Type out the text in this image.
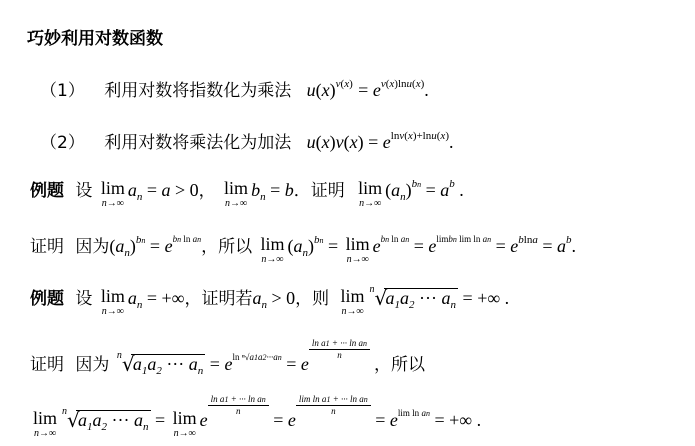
巧妙利用对数函数
（1） 利用对数将指数化为乘法 $u(x)^{v(x)} = e^{v(x)lnu(x)}$.
（2） 利用对数将乘法化为加法 $u(x)v(x) = e^{lnv(x)+lnu(x)}$.
例题 设 lim
n→∞
$a_n = a > 0$， lim
n→∞
$b_n = b$．证明 lim
n→∞
$(a_n)^{bn} = a^b$ .
证明 因为$(a_n)^{bn} = e^{bn ln an}$，所以 lim
n→∞
$(a_n)^{bn} = \lim$
n→∞
$e^{bn ln an} = e^{limbn lim ln an} = e^{blna} = a^b$.
例题 设 lim
n→∞
$a_n$ = +∞，证明若$a_n > 0$，则 lim
n→∞
n √
$a_1a_2$ ··· $a_n$ = +∞ .
证明 因为 n √
$a_1a_2$ ··· $a_n = e^{ln ^n√a1a2\cdot\cdot\cdot an} = e$
$\frac{\text{ln a1 + ··· ln an}}{n}$
，所以
lim
n→∞
n √
$a_1a_2$ ··· $a_n = \lim$
n→∞
e
$\frac{\text{ln a1 + ··· ln an}}{n}$
= e
$\frac{\text{lim ln a1 + ··· ln an}}{n}$
= $e^{lim ln an}$ = +∞ .
